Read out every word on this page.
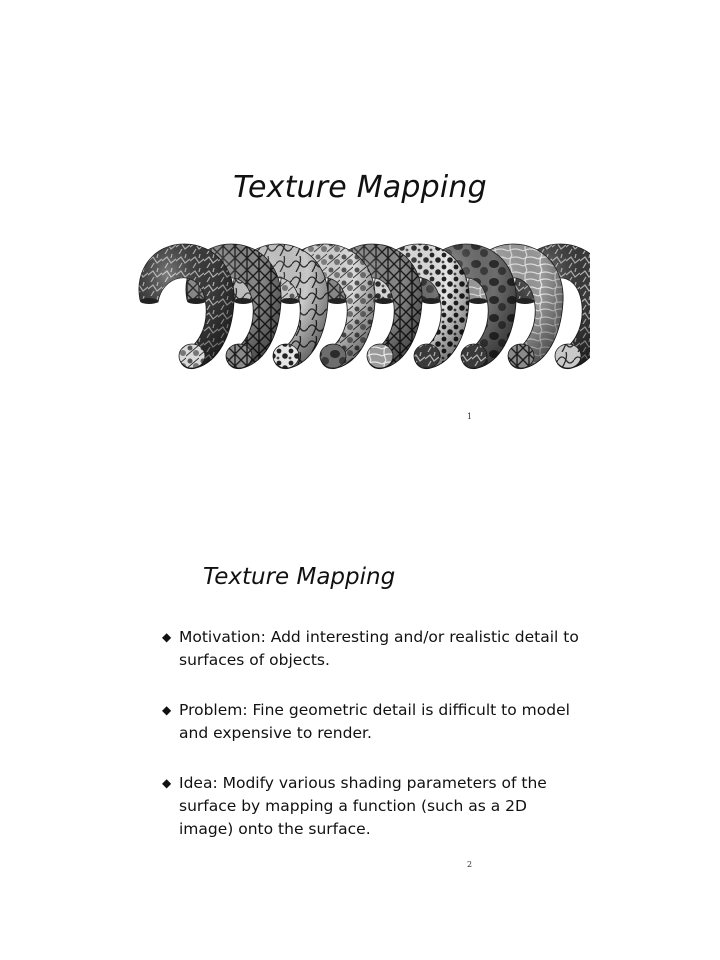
Texture Mapping
1
Texture Mapping
◆ Motivation: Add interesting and/or realistic detail to surfaces of objects.
◆ Problem: Fine geometric detail is difficult to model and expensive to render.
◆ Idea: Modify various shading parameters of the surface by mapping a function (such as a 2D image) onto the surface.
2
